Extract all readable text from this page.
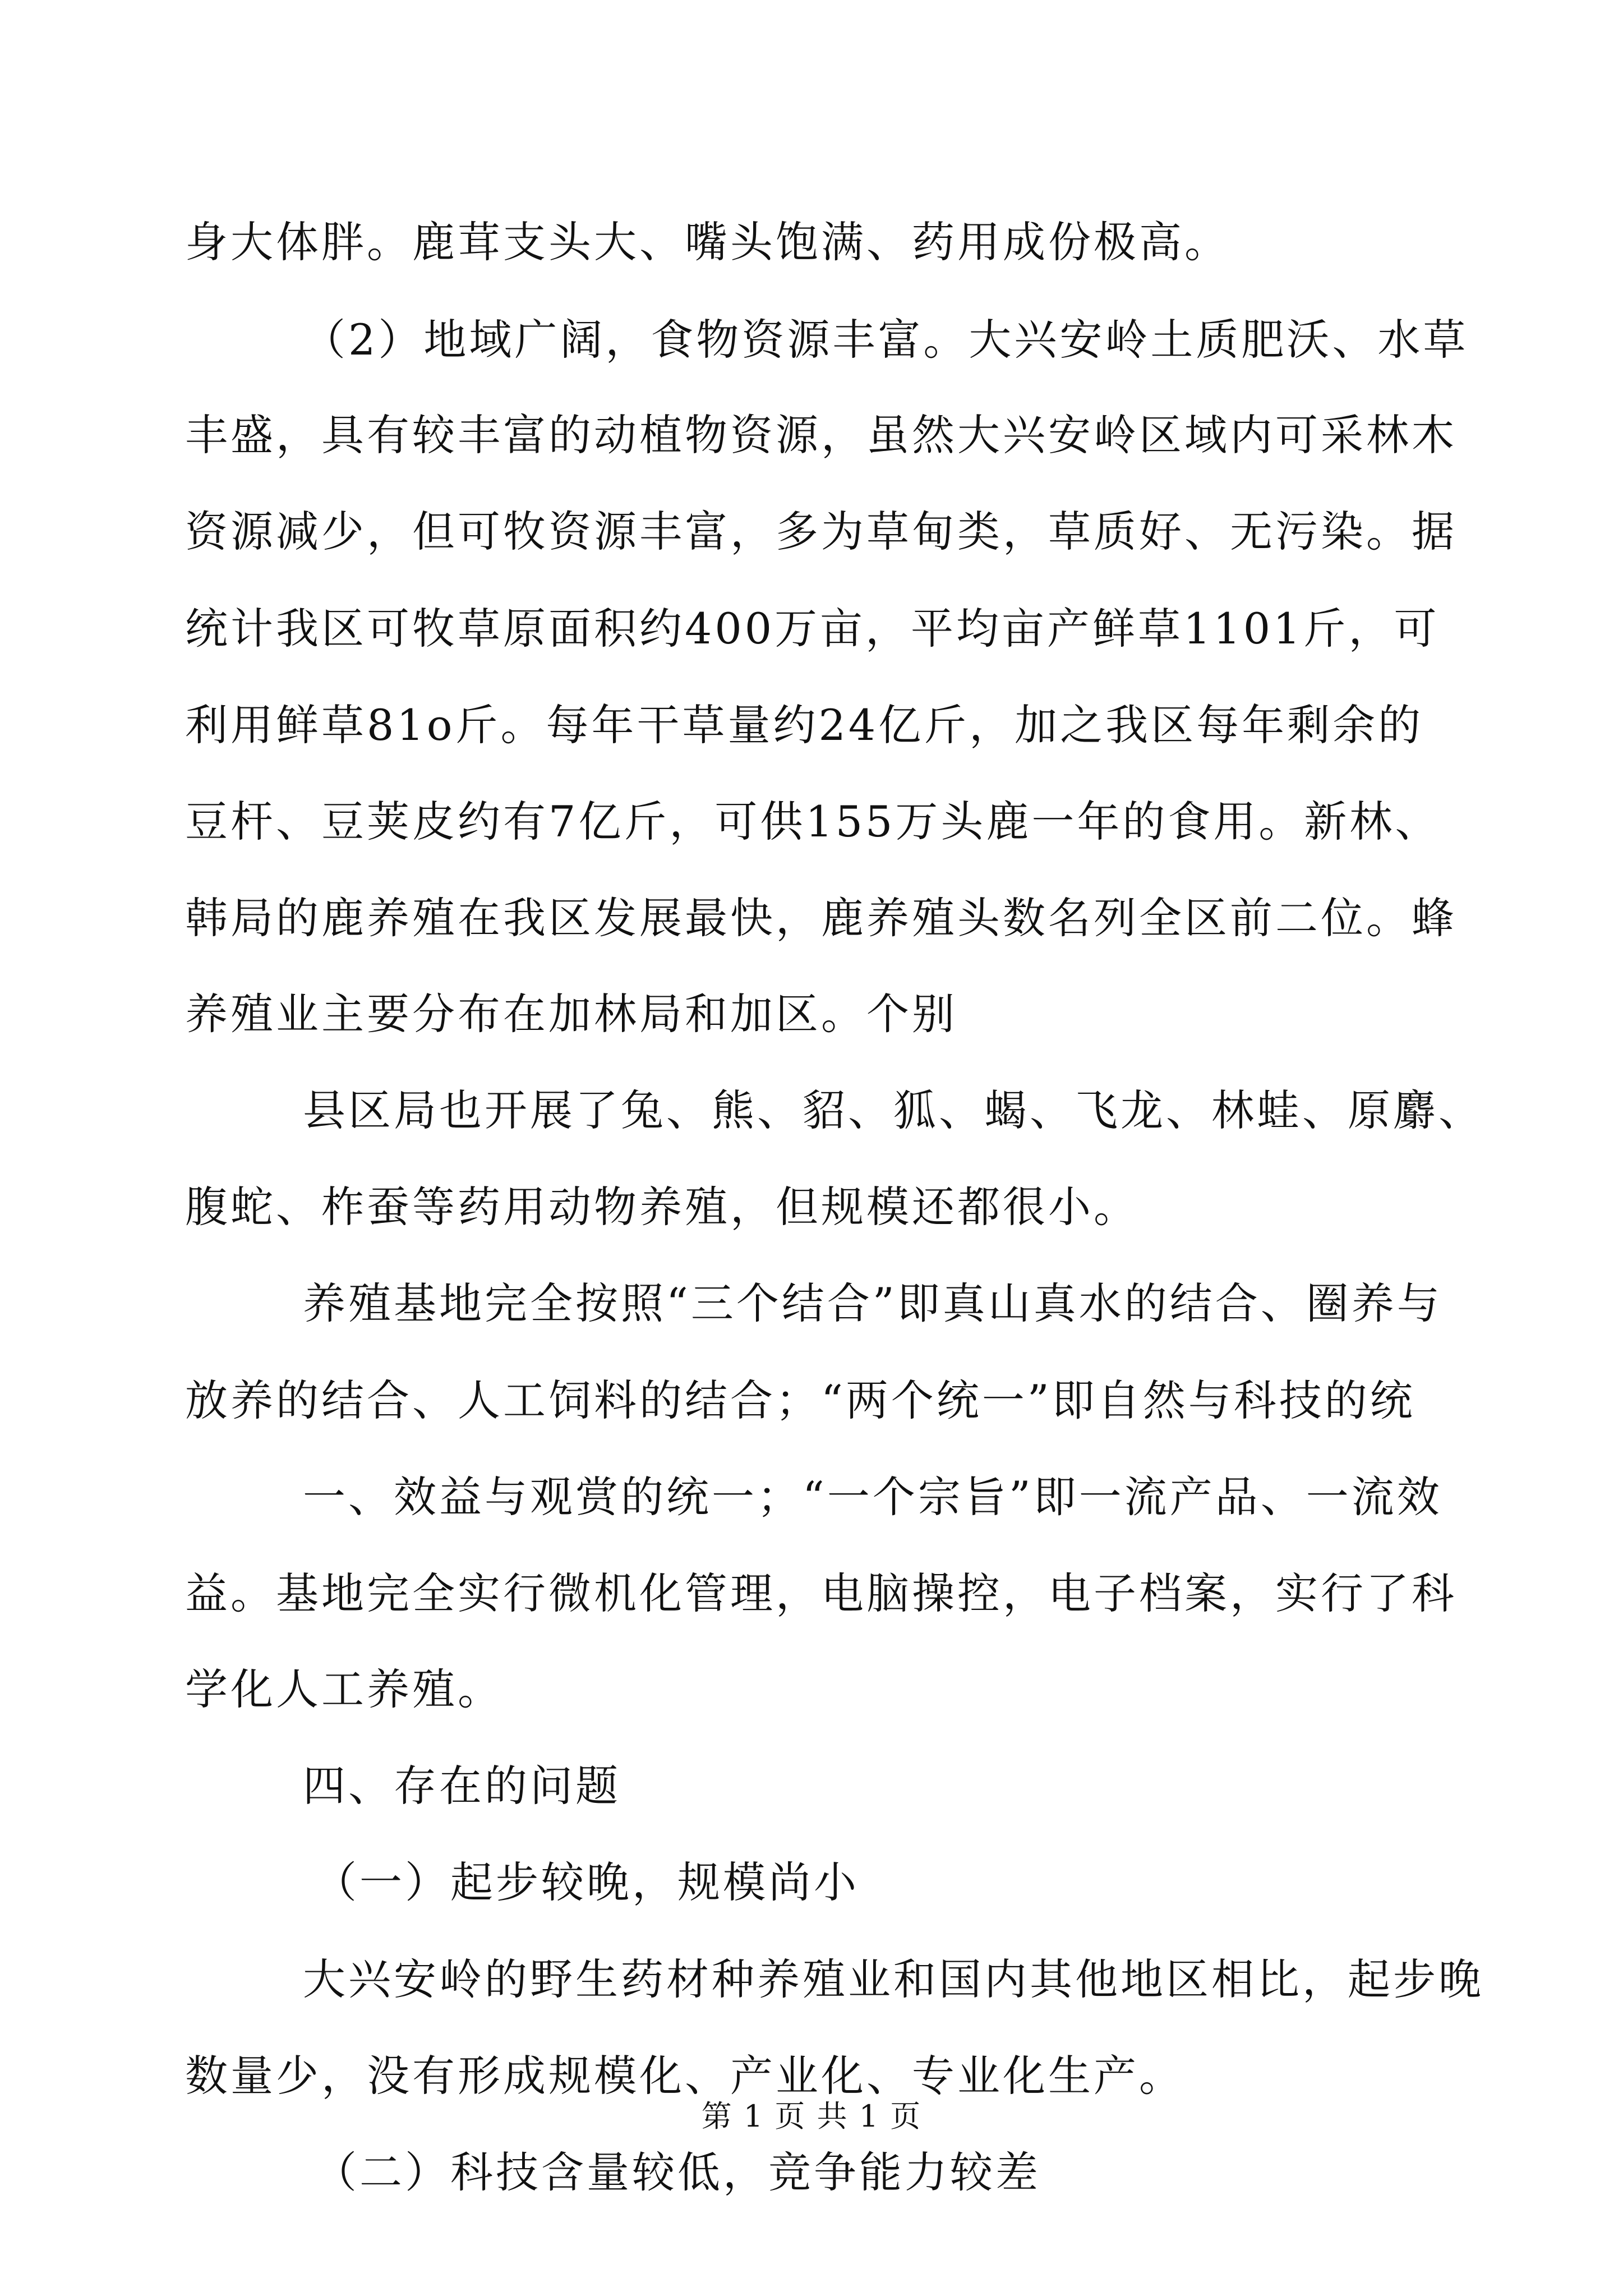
身大体胖。鹿茸支头大、嘴头饱满、药用成份极高。
（2）地域广阔，食物资源丰富。大兴安岭土质肥沃、水草
丰盛，具有较丰富的动植物资源，虽然大兴安岭区域内可采林木
资源减少，但可牧资源丰富，多为草甸类，草质好、无污染。据
统计我区可牧草原面积约400万亩，平均亩产鲜草1101斤，可
利用鲜草81o斤。每年干草量约24亿斤，加之我区每年剩余的
豆杆、豆荚皮约有7亿斤，可供155万头鹿一年的食用。新林、
韩局的鹿养殖在我区发展最快，鹿养殖头数名列全区前二位。蜂
养殖业主要分布在加林局和加区。个别
县区局也开展了兔、熊、貂、狐、蝎、飞龙、林蛙、原麝、
腹蛇、柞蚕等药用动物养殖，但规模还都很小。
养殖基地完全按照“三个结合”即真山真水的结合、圈养与
放养的结合、人工饲料的结合；“两个统一”即自然与科技的统
一、效益与观赏的统一；“一个宗旨”即一流产品、一流效
益。基地完全实行微机化管理，电脑操控，电子档案，实行了科
学化人工养殖。
四、存在的问题
（一）起步较晚，规模尚小
大兴安岭的野生药材种养殖业和国内其他地区相比，起步晚
数量少，没有形成规模化、产业化、专业化生产。
（二）科技含量较低，竞争能力较差
第 1 页 共 1 页
